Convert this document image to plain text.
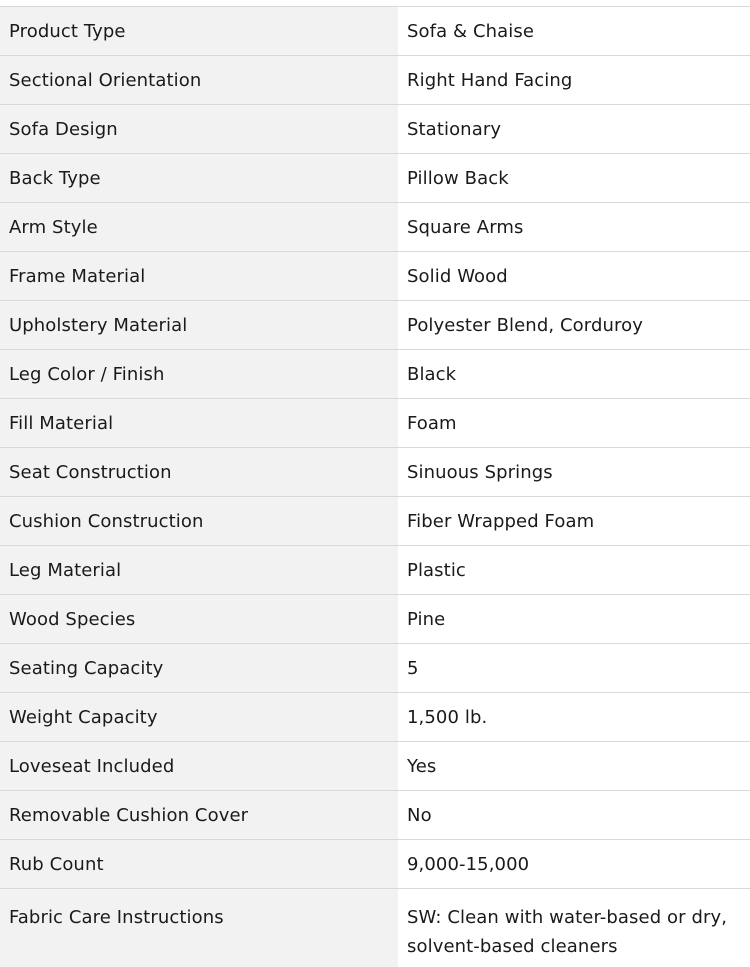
Product Type	Sofa & Chaise
Sectional Orientation	Right Hand Facing
Sofa Design	Stationary
Back Type	Pillow Back
Arm Style	Square Arms
Frame Material	Solid Wood
Upholstery Material	Polyester Blend, Corduroy
Leg Color / Finish	Black
Fill Material	Foam
Seat Construction	Sinuous Springs
Cushion Construction	Fiber Wrapped Foam
Leg Material	Plastic
Wood Species	Pine
Seating Capacity	5
Weight Capacity	1,500 lb.
Loveseat Included	Yes
Removable Cushion Cover	No
Rub Count	9,000-15,000
Fabric Care Instructions	SW: Clean with water-based or dry, solvent-based cleaners
